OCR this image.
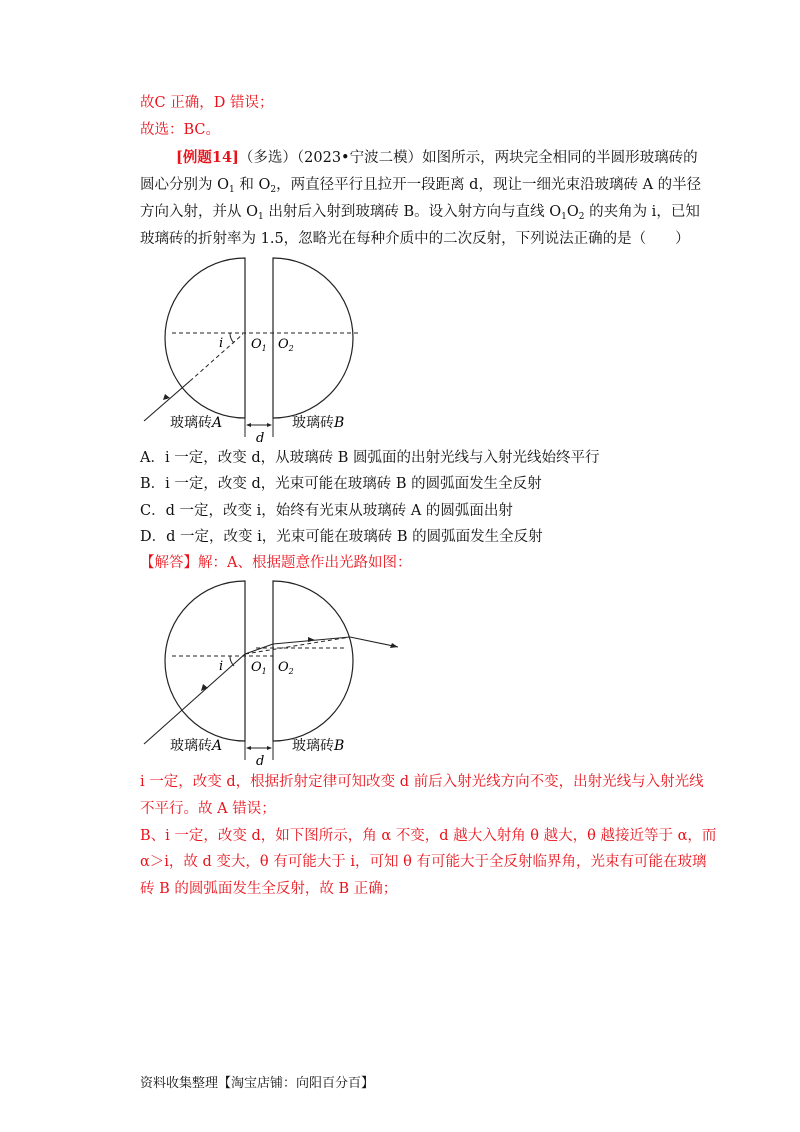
故C 正确，D 错误；
故选：BC。
[例题14]（多选）（2023•宁波二模）如图所示，两块完全相同的半圆形玻璃砖的
圆心分别为 $O_1$ 和 $O_2$，两直径平行且拉开一段距离 d，现让一细光束沿玻璃砖 A 的半径
方向入射，并从 $O_1$ 出射后入射到玻璃砖 B。设入射方向与直线 $O_1O_2$ 的夹角为 i，已知
玻璃砖的折射率为 1.5，忽略光在每种介质中的二次反射，下列说法正确的是（　　）
i $O_1$ $O_2$
d
玻璃砖A	玻璃砖B
A．i 一定，改变 d，从玻璃砖 B 圆弧面的出射光线与入射光线始终平行
B．i 一定，改变 d，光束可能在玻璃砖 B 的圆弧面发生全反射
C．d 一定，改变 i，始终有光束从玻璃砖 A 的圆弧面出射
D．d 一定，改变 i，光束可能在玻璃砖 B 的圆弧面发生全反射
【解答】解：A、根据题意作出光路如图：
i $O_1$ $O_2$
d
玻璃砖A	玻璃砖B
i 一定，改变 d，根据折射定律可知改变 d 前后入射光线方向不变，出射光线与入射光线
不平行。故 A 错误；
B、i 一定，改变 d，如下图所示，角 α 不变，d 越大入射角 θ 越大，θ 越接近等于 α，而
α＞i，故 d 变大，θ 有可能大于 i，可知 θ 有可能大于全反射临界角，光束有可能在玻璃
砖 B 的圆弧面发生全反射，故 B 正确；
资料收集整理【淘宝店铺：向阳百分百】
